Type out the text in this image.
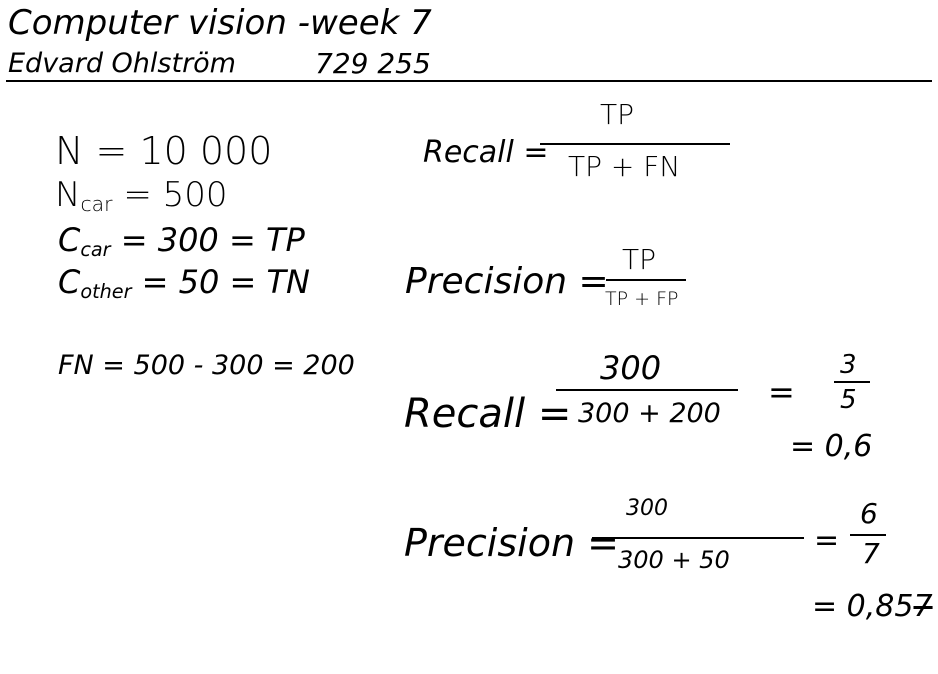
Computer vision -week 7
Edvard Ohlström	729 255
N = 10 000
Ncar = 500
Ccar = 300 = TP
Cother = 50 = TN
FN = 500 - 300 = 200
Recall =
TP
TP + FN
Precision =
TP
TP + FP
Recall =
300
300 + 200
=
3
5
= 0,6
Precision =
300
300 + 50
=
6
7
= 0,857
